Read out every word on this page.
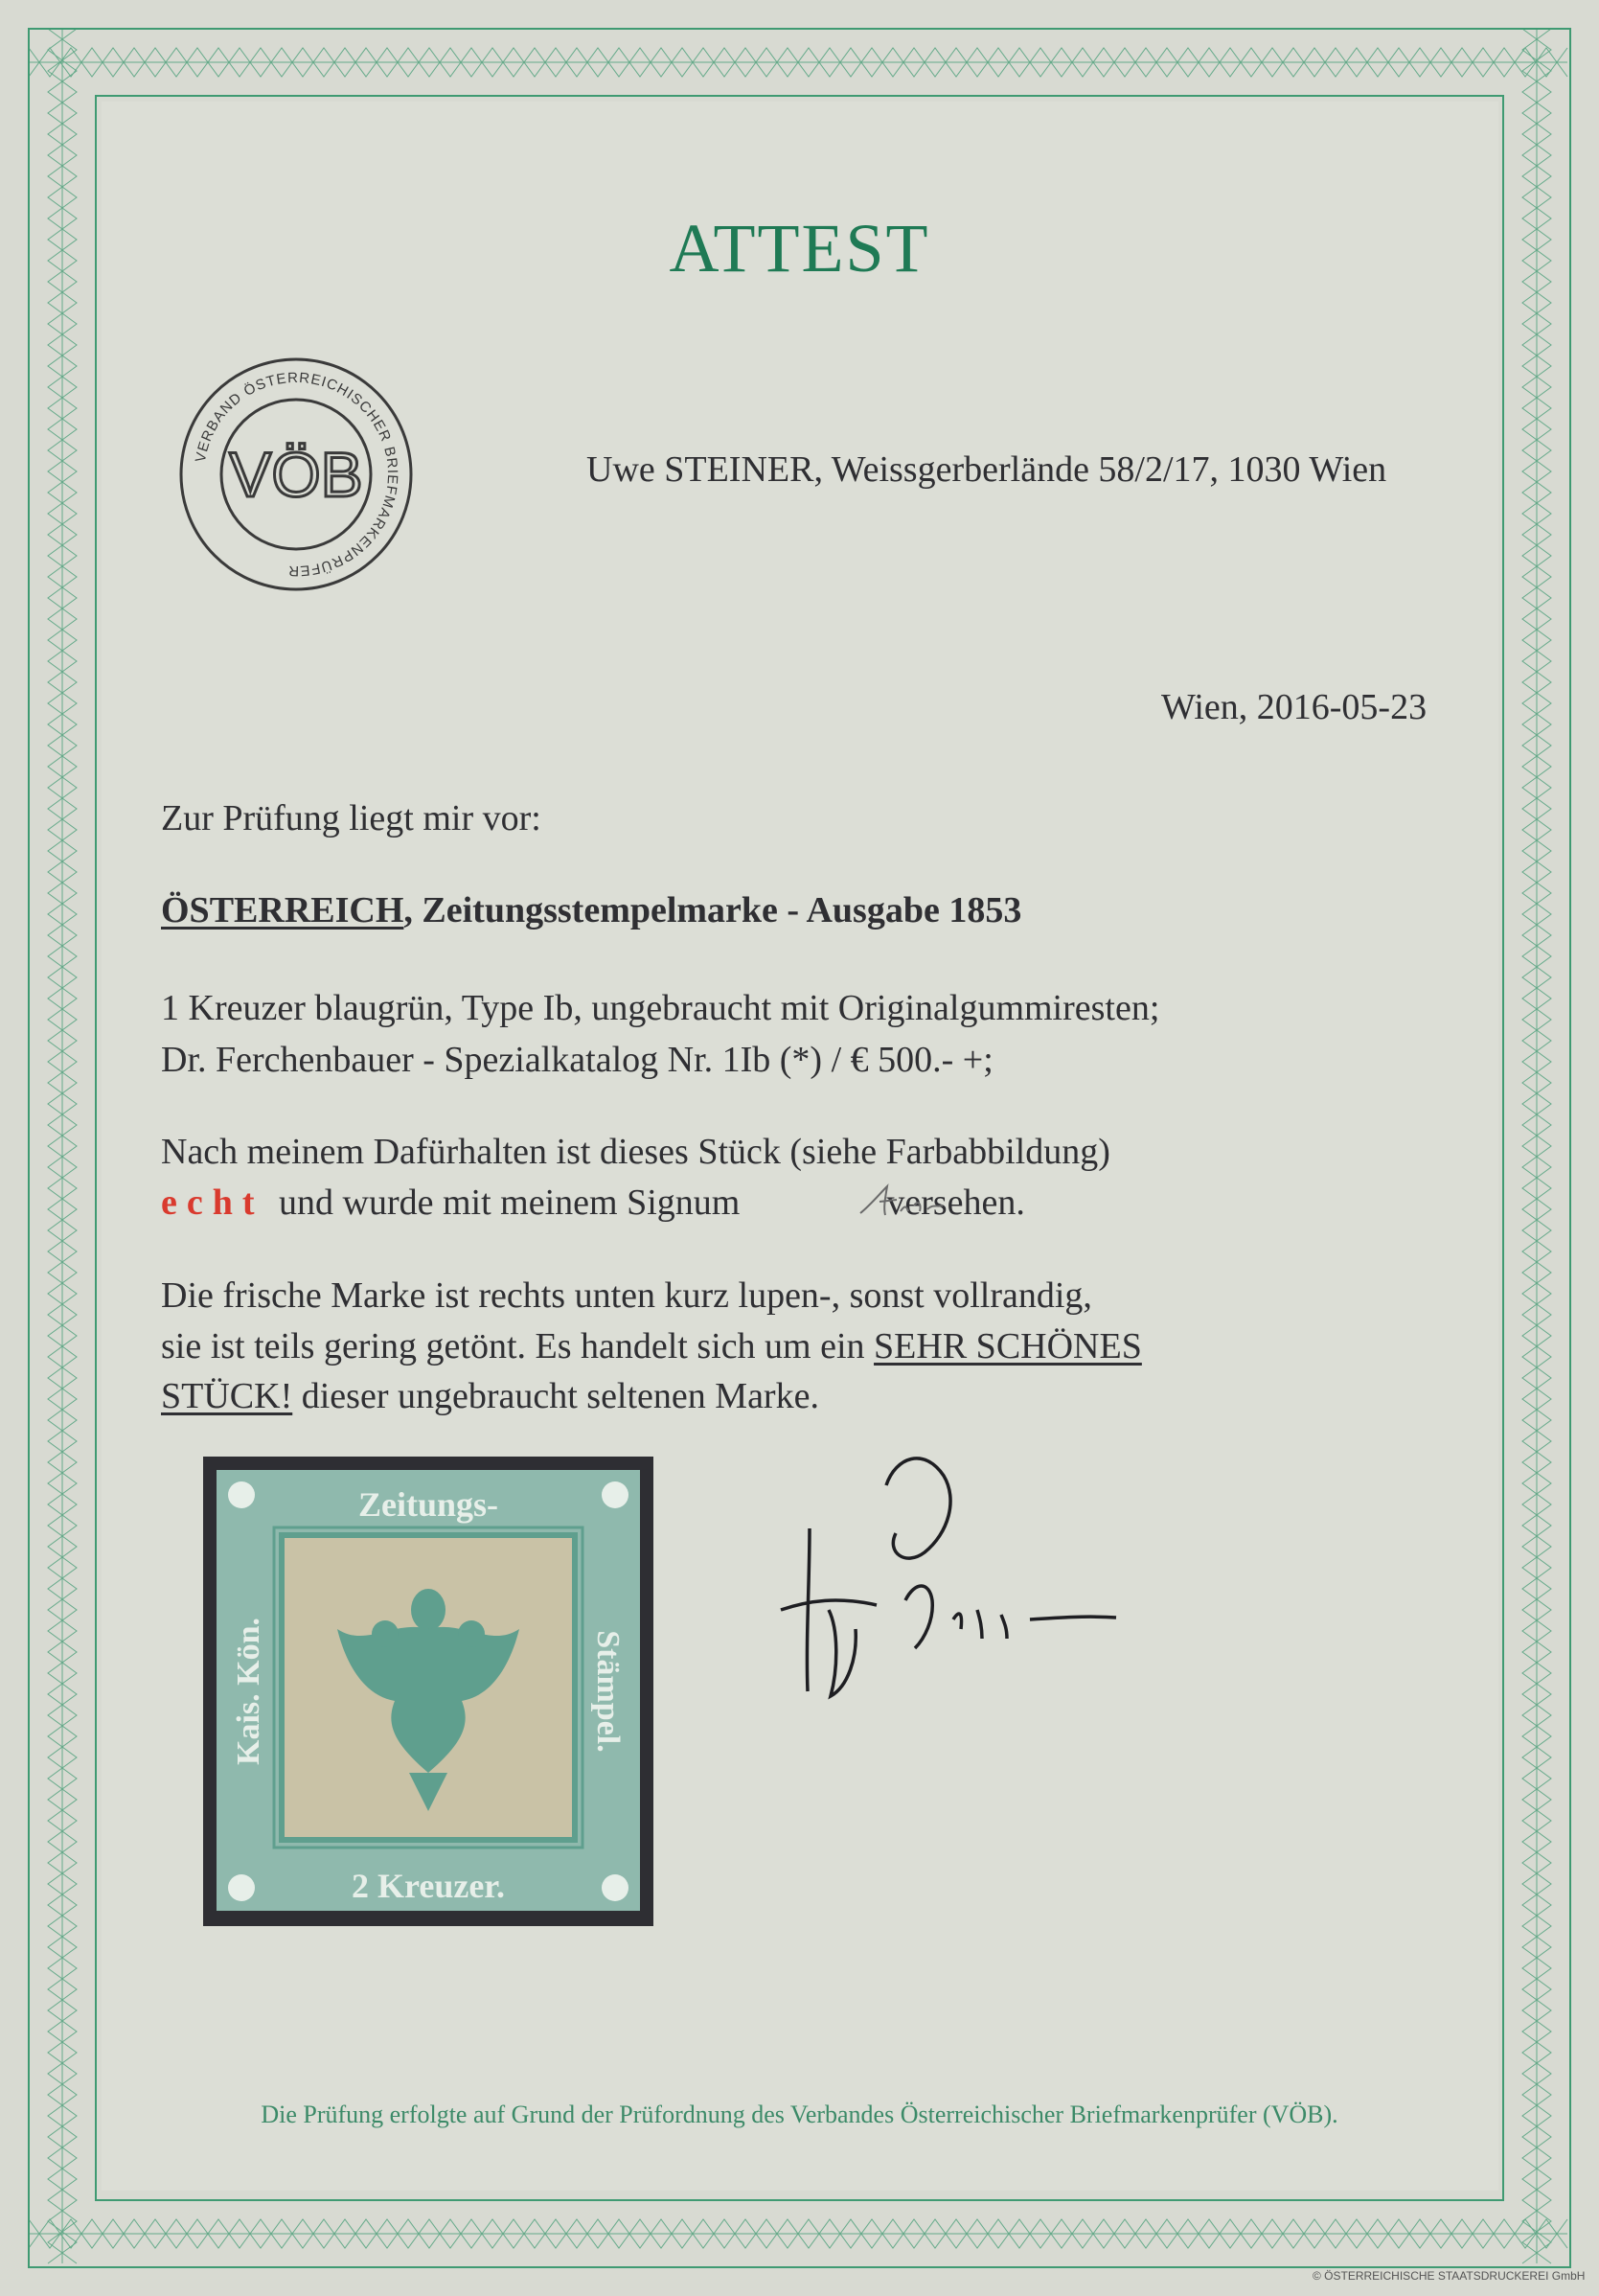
ATTEST
VERBAND ÖSTERREICHISCHER BRIEFMARKENPRÜFER
VÖB	Uwe STEINER, Weissgerberlände 58/2/17, 1030 Wien
Wien, 2016-05-23
Zur Prüfung liegt mir vor:
ÖSTERREICH, Zeitungsstempelmarke - Ausgabe 1853
1 Kreuzer blaugrün, Type Ib, ungebraucht mit Originalgummiresten;
Dr. Ferchenbauer - Spezialkatalog Nr. 1Ib (*) / € 500.- +;
Nach meinem Dafürhalten ist dieses Stück (siehe Farbabbildung)
echt und wurde mit meinem Signum	versehen.
Die frische Marke ist rechts unten kurz lupen-, sonst vollrandig,
sie ist teils gering getönt. Es handelt sich um ein SEHR SCHÖNES
STÜCK! dieser ungebraucht seltenen Marke.
Zeitungs-
2 Kreuzer.
Kais. Kön.	Stämpel.
Die Prüfung erfolgte auf Grund der Prüfordnung des Verbandes Österreichischer Briefmarkenprüfer (VÖB).
© ÖSTERREICHISCHE STAATSDRUCKEREI GmbH
